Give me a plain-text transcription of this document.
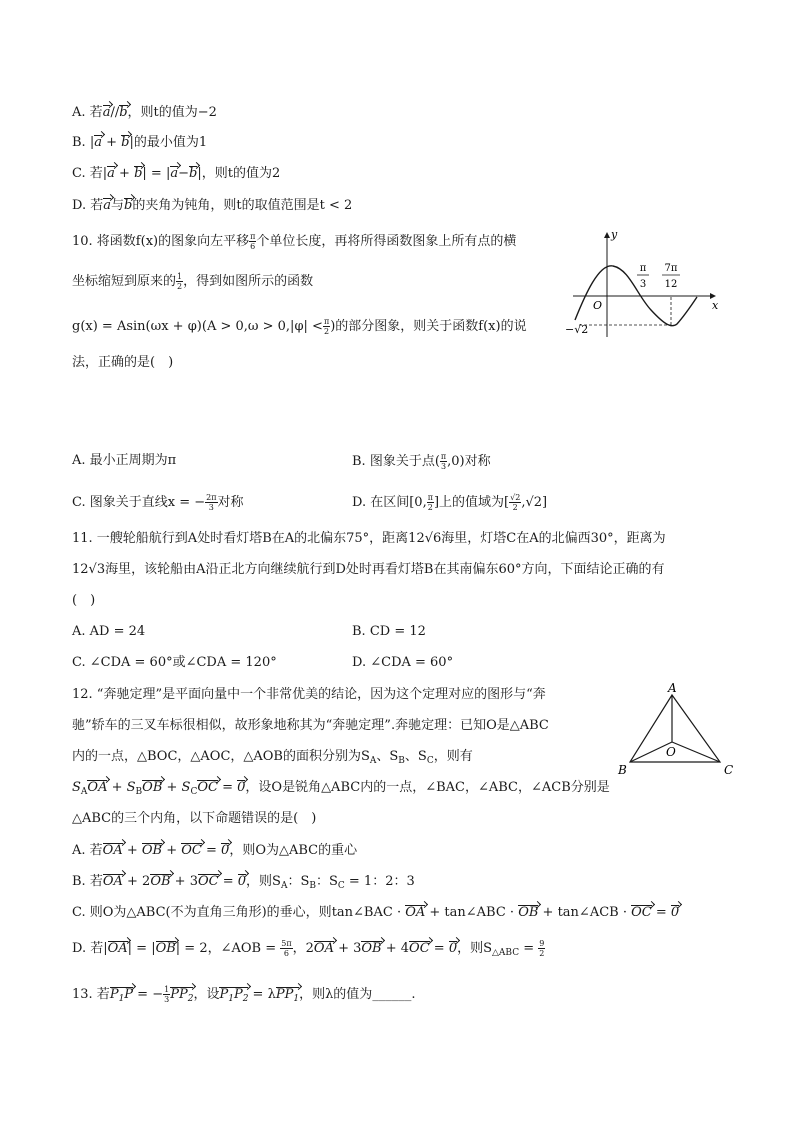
A. 若a//b，则t的值为−2
B. |a + b|的最小值为1
C. 若|a + b| = |a−b|，则t的值为2
D. 若a与b的夹角为钝角，则t的取值范围是t < 2
10. 将函数f(x)的图象向左平移 $\frac{\pi}{6}$ 个单位长度，再将所得函数图象上所有点的横
坐标缩短到原来的 $\frac{1}{2}$ ，得到如图所示的函数
$g(x) = Asin(\omega x + \varphi)(A > 0,\omega > 0,|\varphi| < \frac{\pi}{2}$ )的部分图象，则关于函数f(x)的说
法，正确的是(　)
y
x
O
π
3
7π
12
−√2
A. 最小正周期为π	B. 图象关于点( $\frac{\pi}{3} ,0$)对称
C. 图象关于直线x = − $\frac{2\pi}{3}$ 对称	D. 在区间[0, $\frac{\pi}{2}$ ]上的值域为[ $\frac{√2}{2} ,√2$]
11. 一艘轮船航行到A处时看灯塔B在A的北偏东75°，距离12√6海里，灯塔C在A的北偏西30°，距离为
12√3海里，该轮船由A沿正北方向继续航行到D处时再看灯塔B在其南偏东60°方向，下面结论正确的有
(　)
A. AD = 24	B. CD = 12
C. ∠CDA = 60°或∠CDA = 120°	D. ∠CDA = 60°
12. “奔驰定理”是平面向量中一个非常优美的结论，因为这个定理对应的图形与“奔
驰”轿车的三叉车标很相似，故形象地称其为“奔驰定理”.奔驰定理：已知O是△ABC
内的一点，△BOC，△AOC，△AOB的面积分别为$S_A$、$S_B$、$S_C$，则有
$S_AOA + S_BOB + S_COC = 0$，设O是锐角△ABC内的一点，∠BAC，∠ABC，∠ACB分别是
△ABC的三个内角，以下命题错误的是(　)
A. 若OA + OB + OC = 0，则O为△ABC的重心
B. 若OA + 2OB + 3OC = 0，则$S_A$：$S_B$：$S_C = 1$：2：3
C. 则O为△ABC(不为直角三角形)的垂心，则tan∠BAC · OA + tan∠ABC · OB + tan∠ACB · OC = 0
D. 若|OA| = |OB| = 2，∠AOB = $\frac{5\pi}{6}$ ，2OA + 3OB + 4OC = 0，则$S_{\triangle ABC} = \frac{9}{2}$
A
B	C
O
13. 若$P_1P$ = − $\frac{1}{3} PP_2$，设$P_1P_2 = \lambda PP_1$，则λ的值为______.
